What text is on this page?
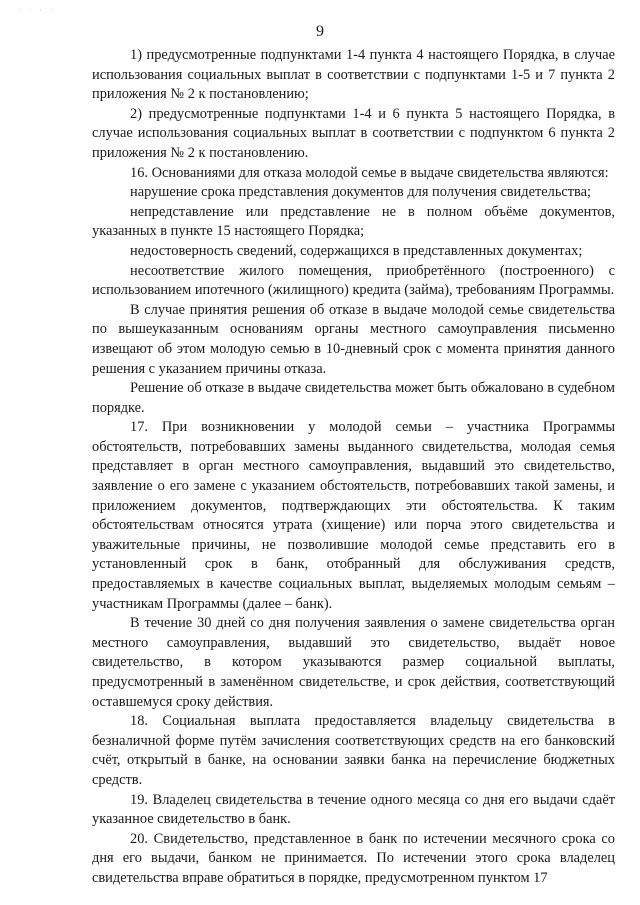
· · · ·
9

1) предусмотренные подпунктами 1-4 пункта 4 настоящего Порядка, в случае использования социальных выплат в соответствии с подпунктами 1-5 и 7 пункта 2 приложения № 2 к постановлению;

2) предусмотренные подпунктами 1-4 и 6 пункта 5 настоящего Порядка, в случае использования социальных выплат в соответствии с подпунктом 6 пункта 2 приложения № 2 к постановлению.

16. Основаниями для отказа молодой семье в выдаче свидетельства являются:

нарушение срока представления документов для получения свидетельства;

непредставление или представление не в полном объёме документов, указанных в пункте 15 настоящего Порядка;

недостоверность сведений, содержащихся в представленных документах;

несоответствие жилого помещения, приобретённого (построенного) с использованием ипотечного (жилищного) кредита (займа), требованиям Программы.

В случае принятия решения об отказе в выдаче молодой семье свидетельства по вышеуказанным основаниям органы местного самоуправления письменно извещают об этом молодую семью в 10-дневный срок с момента принятия данного решения с указанием причины отказа.

Решение об отказе в выдаче свидетельства может быть обжаловано в судебном порядке.

17. При возникновении у молодой семьи – участника Программы обстоятельств, потребовавших замены выданного свидетельства, молодая семья представляет в орган местного самоуправления, выдавший это свидетельство, заявление о его замене с указанием обстоятельств, потребовавших такой замены, и приложением документов, подтверждающих эти обстоятельства. К таким обстоятельствам относятся утрата (хищение) или порча этого свидетельства и уважительные причины, не позволившие молодой семье представить его в установленный срок в банк, отобранный для обслуживания средств, предоставляемых в качестве социальных выплат, выделяемых молодым семьям – участникам Программы (далее – банк).

В течение 30 дней со дня получения заявления о замене свидетельства орган местного самоуправления, выдавший это свидетельство, выдаёт новое свидетельство, в котором указываются размер социальной выплаты, предусмотренный в заменённом свидетельстве, и срок действия, соответствующий оставшемуся сроку действия.

18. Социальная выплата предоставляется владельцу свидетельства в безналичной форме путём зачисления соответствующих средств на его банковский счёт, открытый в банке, на основании заявки банка на перечисление бюджетных средств.

19. Владелец свидетельства в течение одного месяца со дня его выдачи сдаёт указанное свидетельство в банк.

20. Свидетельство, представленное в банк по истечении месячного срока со дня его выдачи, банком не принимается. По истечении этого срока владелец свидетельства вправе обратиться в порядке, предусмотренном пунктом 17
